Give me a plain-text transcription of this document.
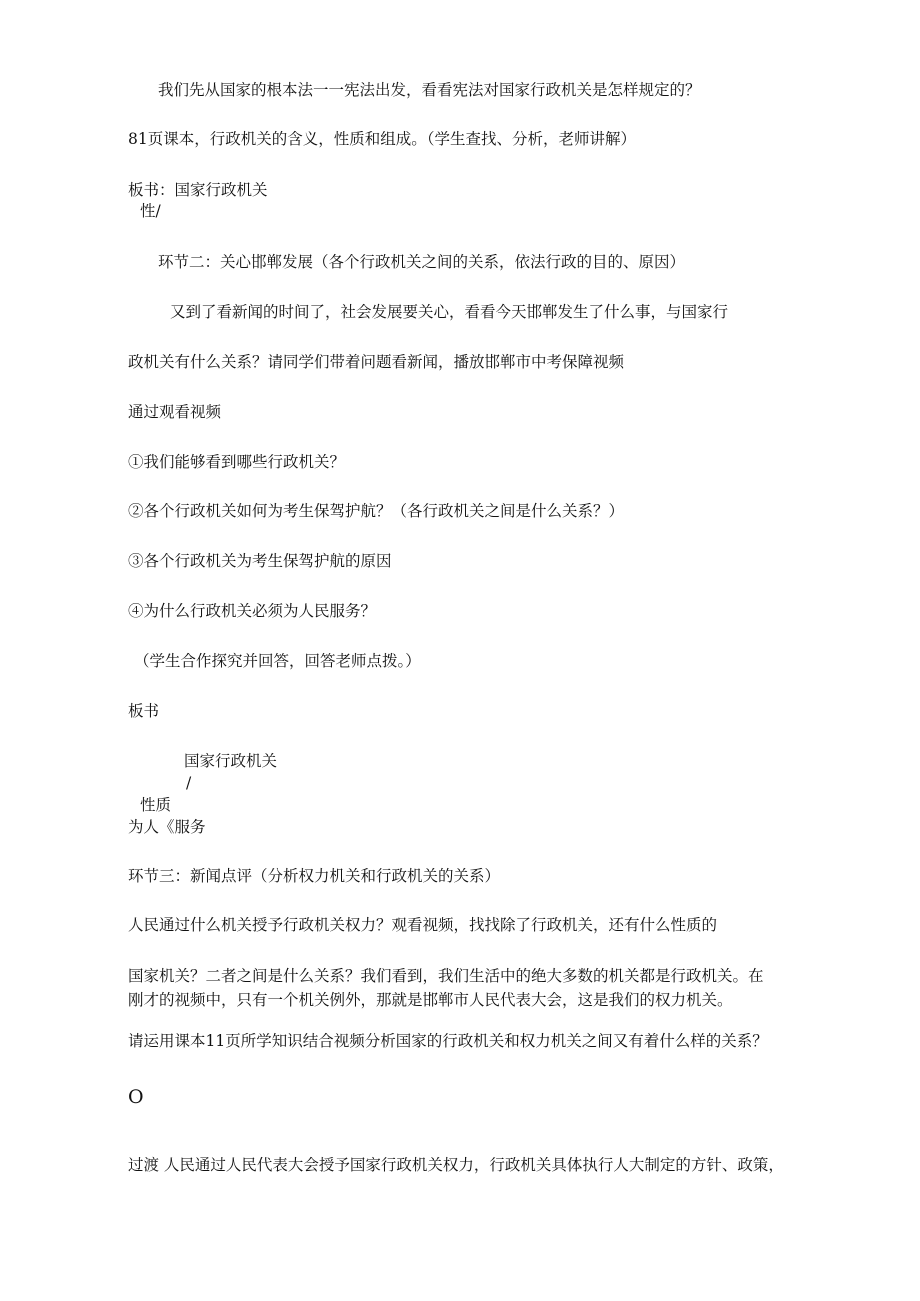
我们先从国家的根本法一一宪法出发，看看宪法对国家行政机关是怎样规定的？
81页课本，行政机关的含义，性质和组成。（学生查找、分析，老师讲解）
板书：国家行政机关
性/
环节二：关心邯郸发展（各个行政机关之间的关系，依法行政的目的、原因）
又到了看新闻的时间了，社会发展要关心，看看今天邯郸发生了什么事，与国家行
政机关有什么关系？请同学们带着问题看新闻，播放邯郸市中考保障视频
通过观看视频
①我们能够看到哪些行政机关？
②各个行政机关如何为考生保驾护航？（各行政机关之间是什么关系？）
③各个行政机关为考生保驾护航的原因
④为什么行政机关必须为人民服务？
（学生合作探究并回答，回答老师点拨。）
板书
国家行政机关
/
性质
为人《服务
环节三：新闻点评（分析权力机关和行政机关的关系）
人民通过什么机关授予行政机关权力？观看视频，找找除了行政机关，还有什么性质的
国家机关？二者之间是什么关系？我们看到，我们生活中的绝大多数的机关都是行政机关。在
刚才的视频中，只有一个机关例外，那就是邯郸市人民代表大会，这是我们的权力机关。
请运用课本11页所学知识结合视频分析国家的行政机关和权力机关之间又有着什么样的关系？
O
过渡 人民通过人民代表大会授予国家行政机关权力，行政机关具体执行人大制定的方针、政策，
